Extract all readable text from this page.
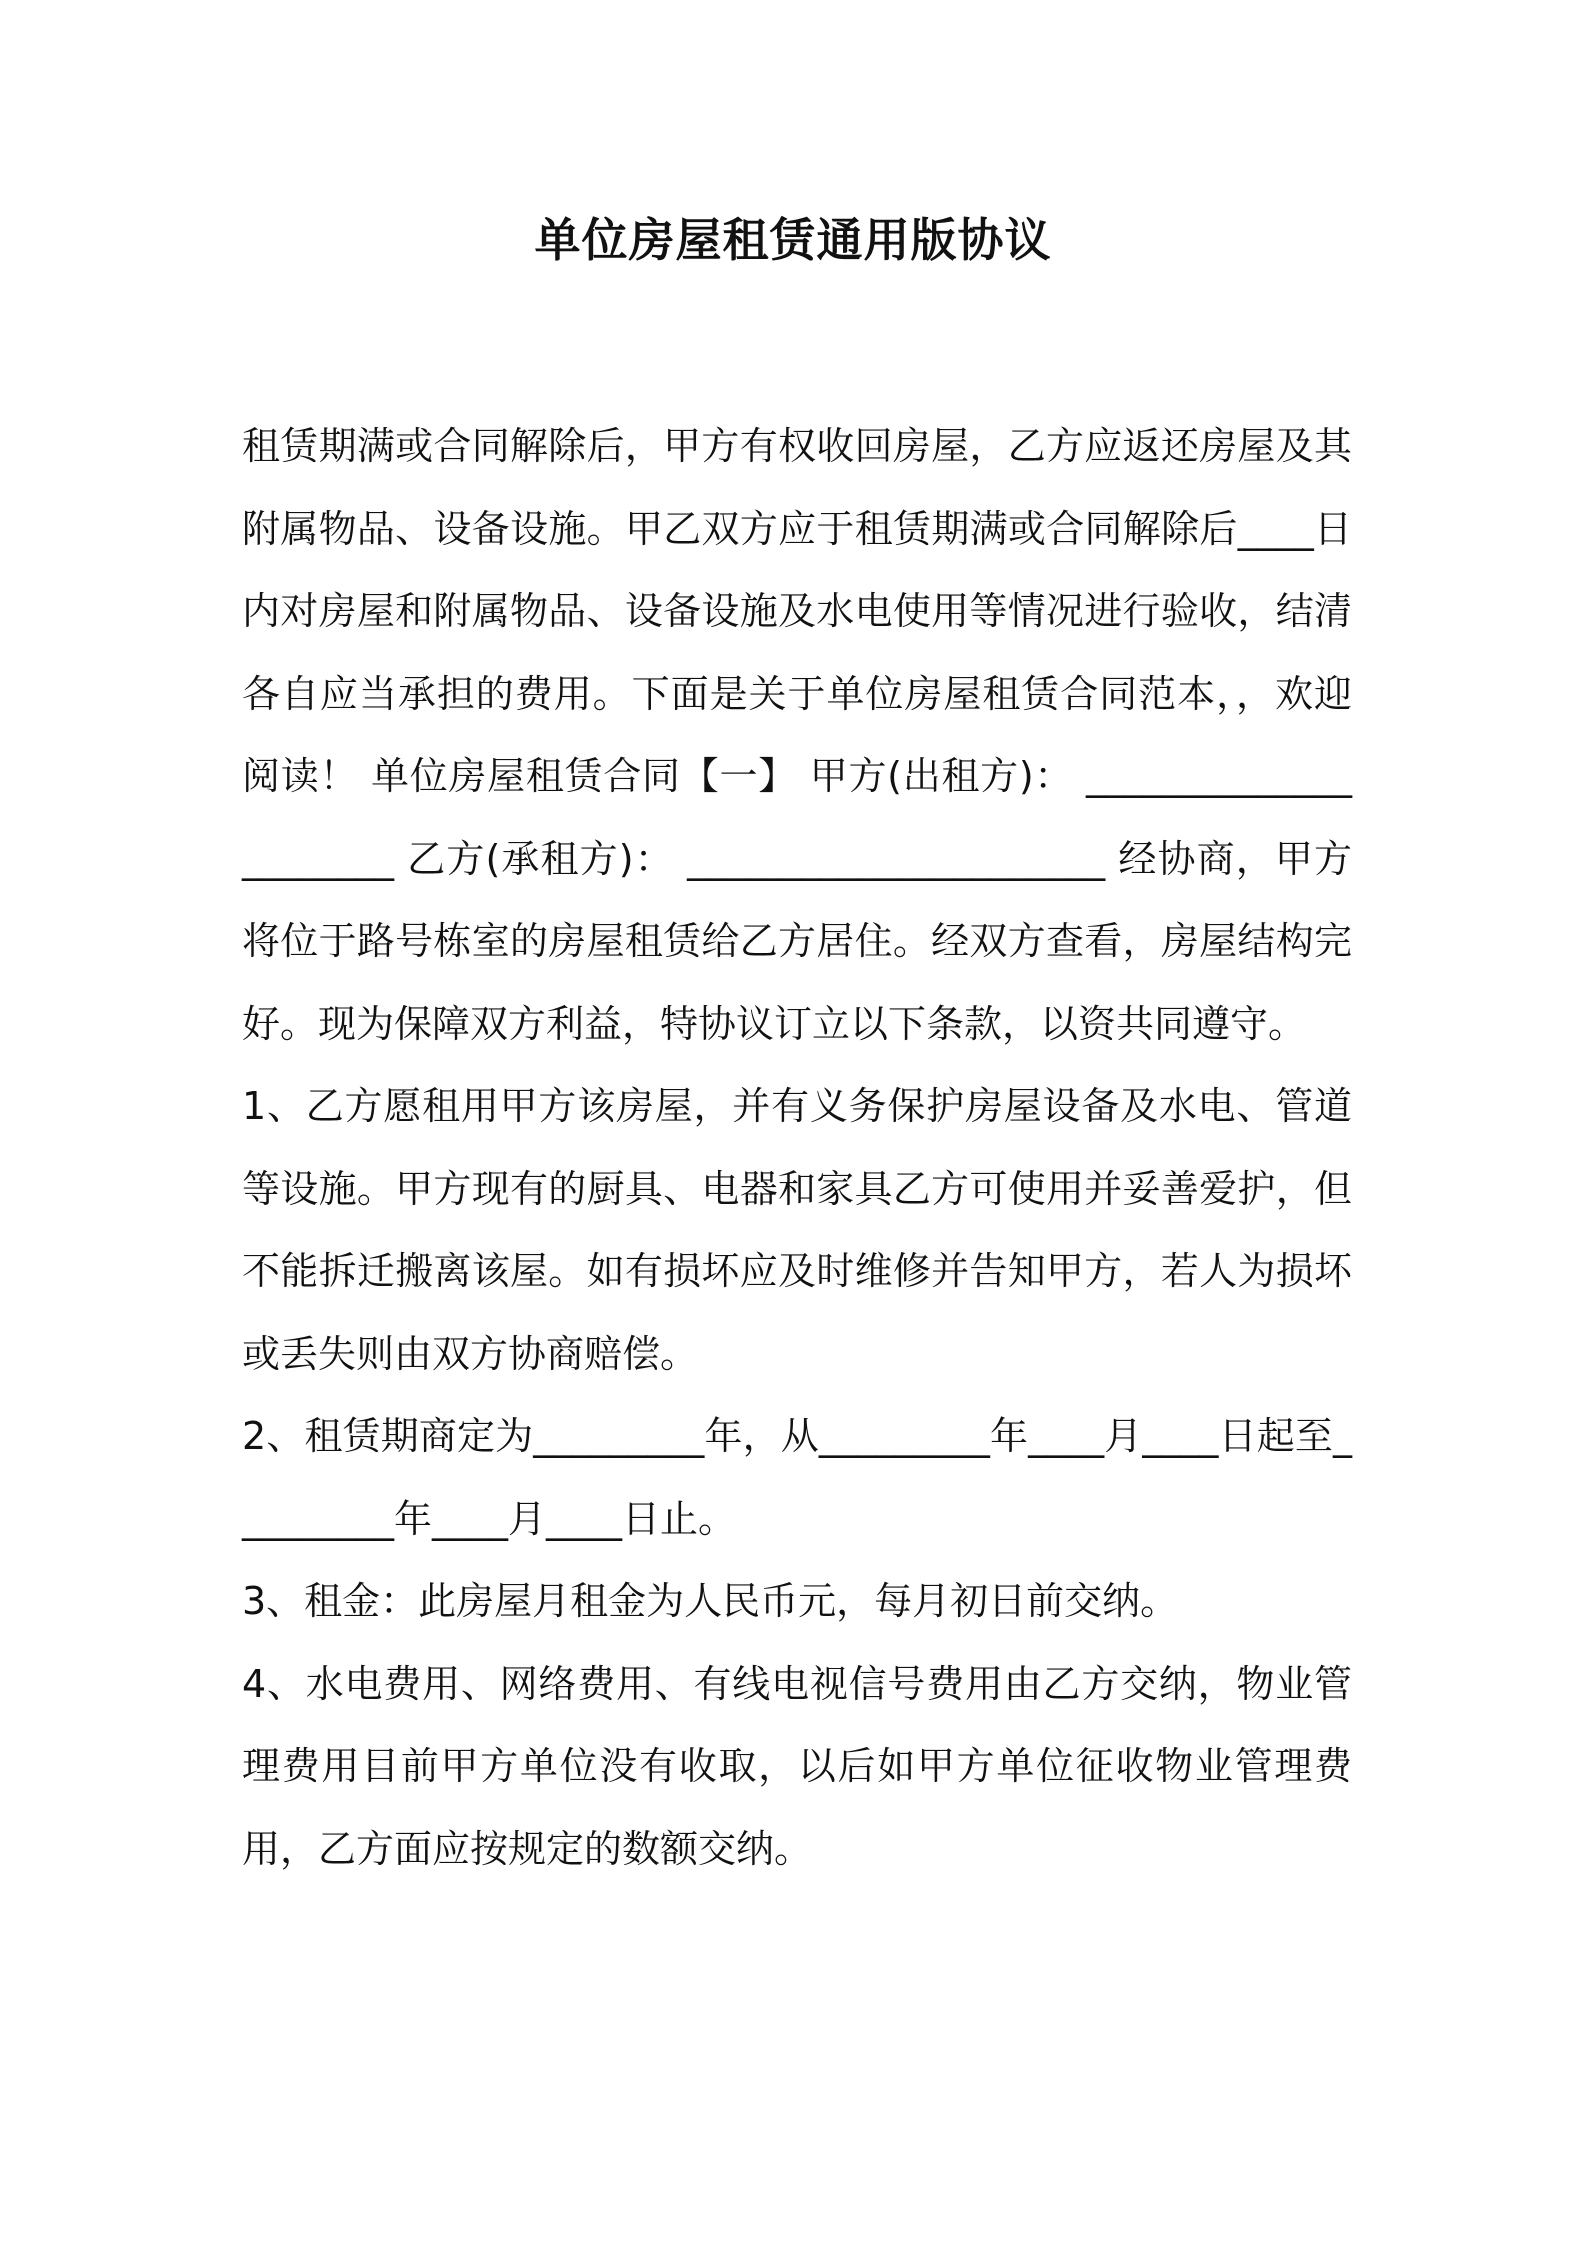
单位房屋租赁通用版协议

租赁期满或合同解除后，甲方有权收回房屋，乙方应返还房屋及其附属物品、设备设施。甲乙双方应于租赁期满或合同解除后____日内对房屋和附属物品、设备设施及水电使用等情况进行验收，结清各自应当承担的费用。下面是关于单位房屋租赁合同范本，，欢迎阅读！ 单位房屋租赁合同【一】 甲方(出租方)： ______________________ 乙方(承租方)： ______________________ 经协商，甲方将位于路号栋室的房屋租赁给乙方居住。经双方查看，房屋结构完好。现为保障双方利益，特协议订立以下条款，以资共同遵守。

1、乙方愿租用甲方该房屋，并有义务保护房屋设备及水电、管道等设施。甲方现有的厨具、电器和家具乙方可使用并妥善爱护，但不能拆迁搬离该屋。如有损坏应及时维修并告知甲方，若人为损坏或丢失则由双方协商赔偿。

2、租赁期商定为_________年，从_________年____月____日起至_________年____月____日止。

3、租金：此房屋月租金为人民币元，每月初日前交纳。

4、水电费用、网络费用、有线电视信号费用由乙方交纳，物业管理费用目前甲方单位没有收取，以后如甲方单位征收物业管理费用，乙方面应按规定的数额交纳。
